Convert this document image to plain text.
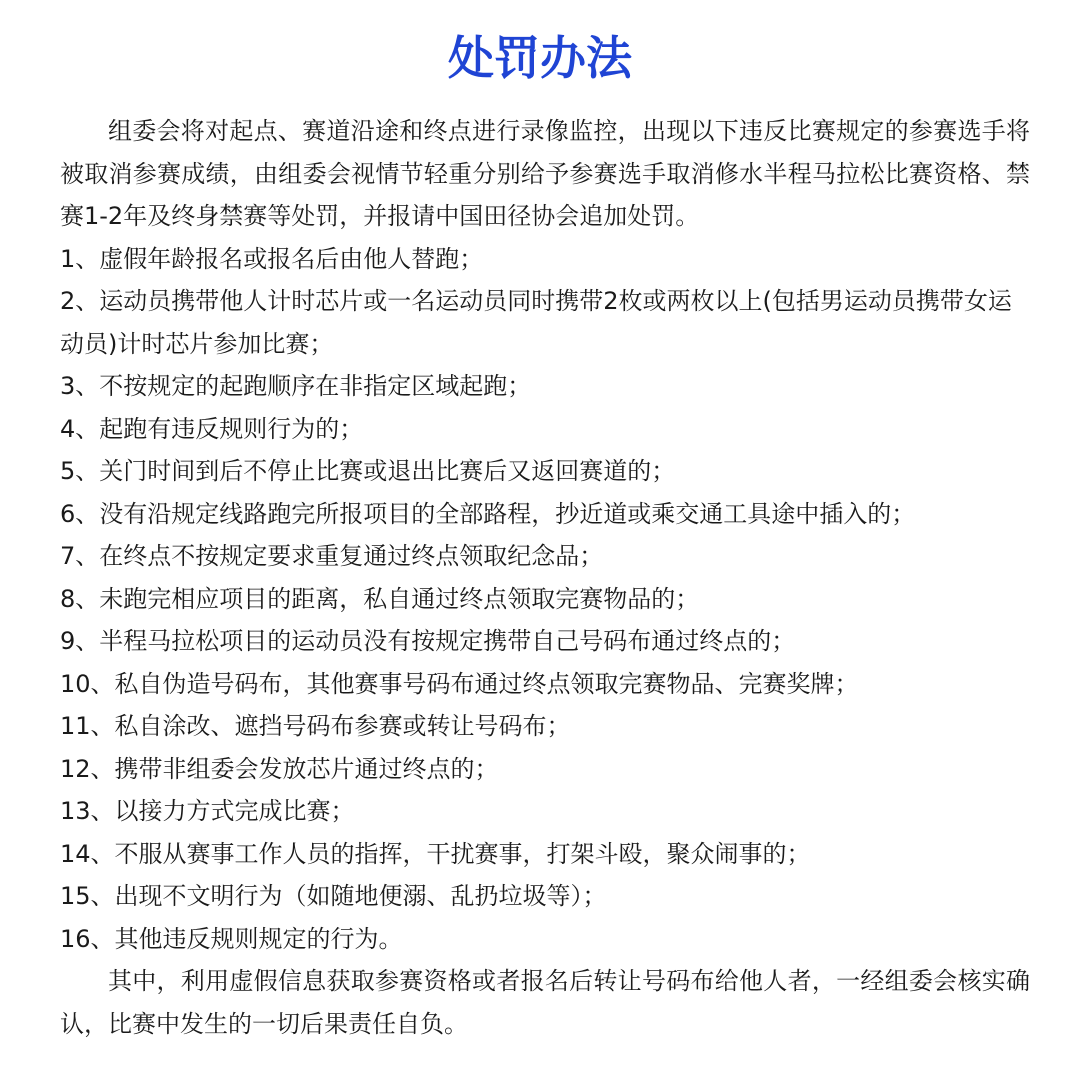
处罚办法

组委会将对起点、赛道沿途和终点进行录像监控，出现以下违反比赛规定的参赛选手将被取消参赛成绩，由组委会视情节轻重分别给予参赛选手取消修水半程马拉松比赛资格、禁赛1-2年及终身禁赛等处罚，并报请中国田径协会追加处罚。

1、虚假年龄报名或报名后由他人替跑；

2、运动员携带他人计时芯片或一名运动员同时携带2枚或两枚以上(包括男运动员携带女运动员)计时芯片参加比赛；

3、不按规定的起跑顺序在非指定区域起跑；

4、起跑有违反规则行为的；

5、关门时间到后不停止比赛或退出比赛后又返回赛道的；

6、没有沿规定线路跑完所报项目的全部路程，抄近道或乘交通工具途中插入的；

7、在终点不按规定要求重复通过终点领取纪念品；

8、未跑完相应项目的距离，私自通过终点领取完赛物品的；

9、半程马拉松项目的运动员没有按规定携带自己号码布通过终点的；

10、私自伪造号码布，其他赛事号码布通过终点领取完赛物品、完赛奖牌；

11、私自涂改、遮挡号码布参赛或转让号码布；

12、携带非组委会发放芯片通过终点的；

13、以接力方式完成比赛；

14、不服从赛事工作人员的指挥，干扰赛事，打架斗殴，聚众闹事的；

15、出现不文明行为（如随地便溺、乱扔垃圾等）；

16、其他违反规则规定的行为。

其中，利用虚假信息获取参赛资格或者报名后转让号码布给他人者，一经组委会核实确认，比赛中发生的一切后果责任自负。
